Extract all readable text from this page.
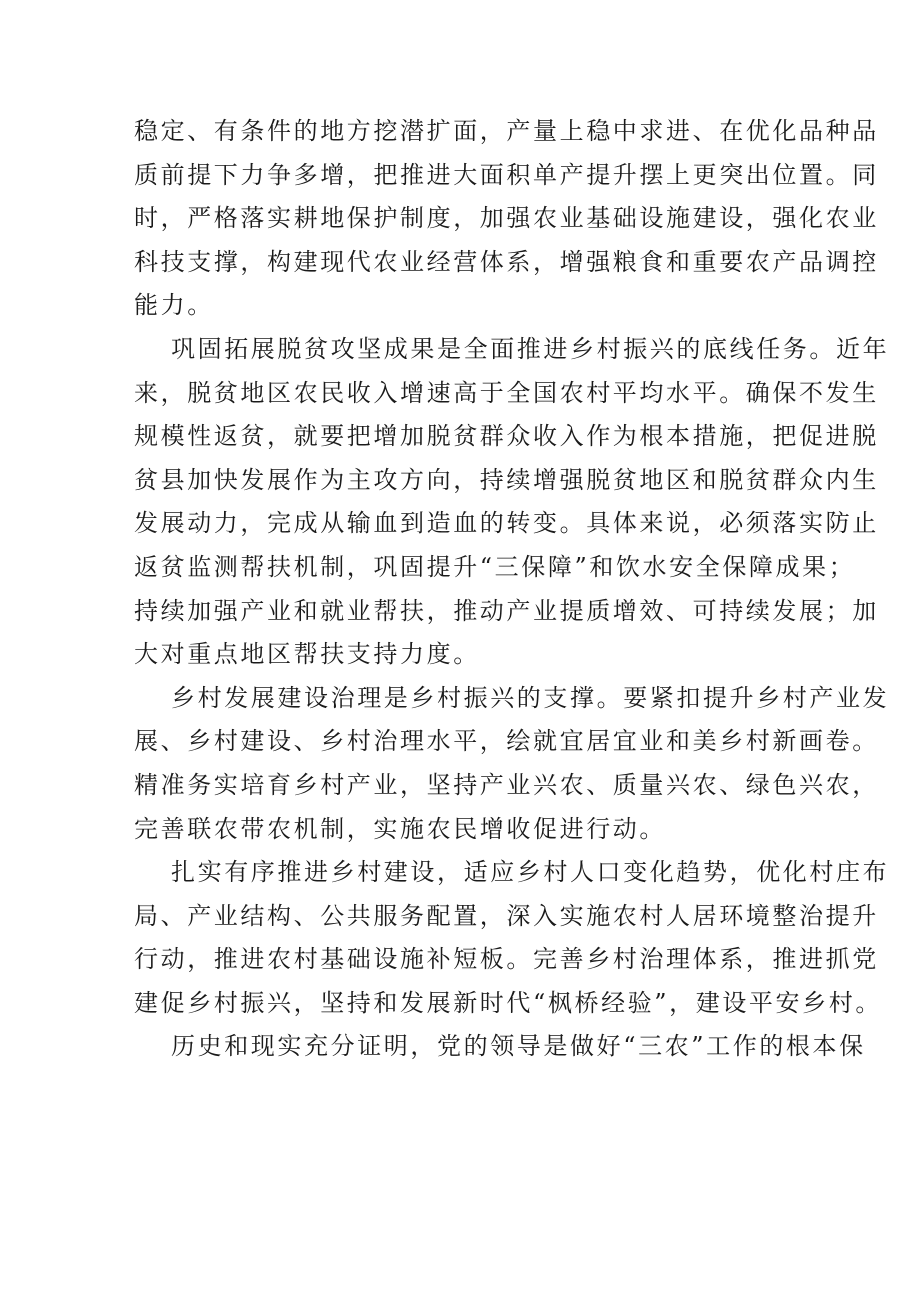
稳定、有条件的地方挖潜扩面，产量上稳中求进、在优化品种品

质前提下力争多增，把推进大面积单产提升摆上更突出位置。同

时，严格落实耕地保护制度，加强农业基础设施建设，强化农业

科技支撑，构建现代农业经营体系，增强粮食和重要农产品调控

能力。

巩固拓展脱贫攻坚成果是全面推进乡村振兴的底线任务。近年

来，脱贫地区农民收入增速高于全国农村平均水平。确保不发生

规模性返贫，就要把增加脱贫群众收入作为根本措施，把促进脱

贫县加快发展作为主攻方向，持续增强脱贫地区和脱贫群众内生

发展动力，完成从输血到造血的转变。具体来说，必须落实防止

返贫监测帮扶机制，巩固提升“三保障”和饮水安全保障成果；

持续加强产业和就业帮扶，推动产业提质增效、可持续发展；加

大对重点地区帮扶支持力度。

乡村发展建设治理是乡村振兴的支撑。要紧扣提升乡村产业发

展、乡村建设、乡村治理水平，绘就宜居宜业和美乡村新画卷。

精准务实培育乡村产业，坚持产业兴农、质量兴农、绿色兴农，

完善联农带农机制，实施农民增收促进行动。

扎实有序推进乡村建设，适应乡村人口变化趋势，优化村庄布

局、产业结构、公共服务配置，深入实施农村人居环境整治提升

行动，推进农村基础设施补短板。完善乡村治理体系，推进抓党

建促乡村振兴，坚持和发展新时代“枫桥经验”，建设平安乡村。

历史和现实充分证明，党的领导是做好“三农”工作的根本保
